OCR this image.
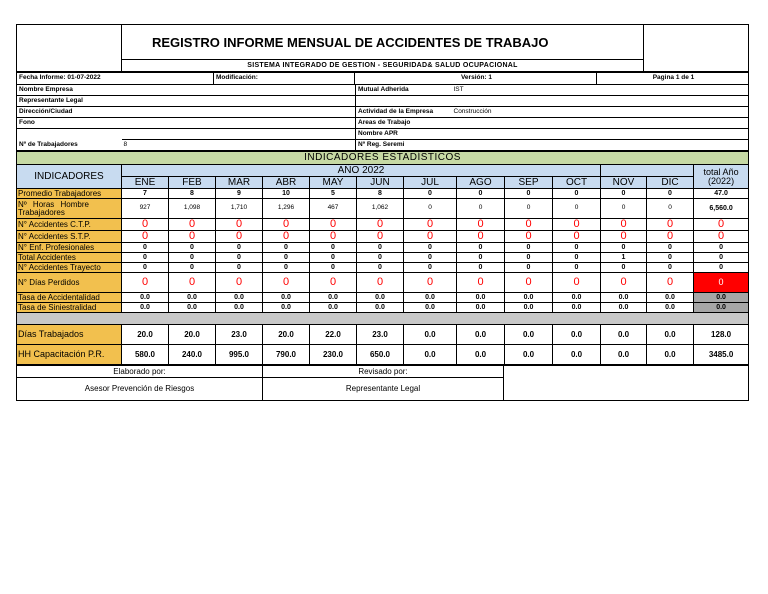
	REGISTRO INFORME MENSUAL DE ACCIDENTES DE TRABAJO	
SISTEMA INTEGRADO DE GESTION - SEGURIDAD& SALUD OCUPACIONAL
Fecha Informe: 01-07-2022	Modificación:	Versión: 1	Pagina 1 de 1
Nombre Empresa		Mutual Adherida	IST
Representante Legal			
Dirección/Ciudad		Actividad de la Empresa	Construcción
Fono		Areas de Trabajo	
		Nombre APR	
Nº de Trabajadores	8	Nº Reg. Seremi	
INDICADORES ESTADÍSTICOS													
INDICADORES	AÑO 2022												total Año
(2022)

	ENE	FEB	MAR	ABR	MAY	JUN	JUL	AGO	SEP	OCT	NOV	DIC	
Promedio Trabajadores	7	8	9	10	5	8	0	0	0	0	0	0	47.0

Nº Horas Hombre
Trabajadores	927	1,098	1,710	1,296	467	1,062	0	0	0	0	0	0	6,560.0
N° Accidentes C.T.P.	0	0	0	0	0	0	0	0	0	0	0	0	0
N° Accidentes S.T.P.	0	0	0	0	0	0	0	0	0	0	0	0	0
N° Enf. Profesionales	0	0	0	0	0	0	0	0	0	0	0	0	0
Total Accidentes	0	0	0	0	0	0	0	0	0	0	1	0	0
N° Accidentes Trayecto	0	0	0	0	0	0	0	0	0	0	0	0	0
N° Días Perdidos	0	0	0	0	0	0	0	0	0	0	0	0	0
Tasa de Accidentalidad	0.0	0.0	0.0	0.0	0.0	0.0	0.0	0.0	0.0	0.0	0.0	0.0	0.0
Tasa de Siniestralidad	0.0	0.0	0.0	0.0	0.0	0.0	0.0	0.0	0.0	0.0	0.0	0.0	0.0

Días Trabajados	20.0	20.0	23.0	20.0	22.0	23.0	0.0	0.0	0.0	0.0	0.0	0.0	128.0
HH Capacitación P.R.	580.0	240.0	995.0	790.0	230.0	650.0	0.0	0.0	0.0	0.0	0.0	0.0	3485.0
Elaborado por:	Revisado por:	
Asesor Prevención de Riesgos	Representante Legal	
